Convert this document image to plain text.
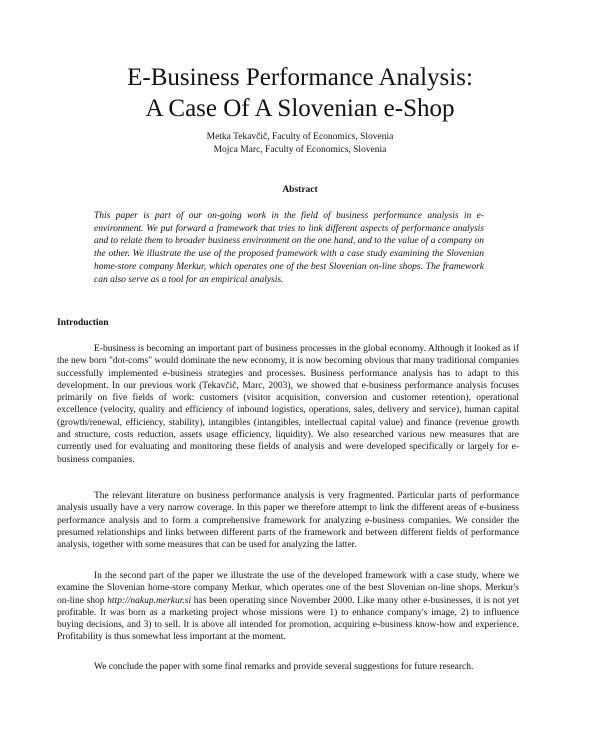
E-Business Performance Analysis:
A Case Of A Slovenian e-Shop
Metka Tekavčič, Faculty of Economics, Slovenia
Mojca Marc, Faculty of Economics, Slovenia
Abstract
This paper is part of our on-going work in the field of business performance analysis in e-environment. We put forward a framework that tries to link different aspects of performance analysis and to relate them to broader business environment on the one hand, and to the value of a company on the other. We illustrate the use of the proposed framework with a case study examining the Slovenian home-store company Merkur, which operates one of the best Slovenian on-line shops. The framework can also serve as a tool for an empirical analysis.
Introduction
E-business is becoming an important part of business processes in the global economy. Although it looked as if the new born "dot-coms" would dominate the new economy, it is now becoming obvious that many traditional companies successfully implemented e-business strategies and processes. Business performance analysis has to adapt to this development. In our previous work (Tekavčič, Marc, 2003), we showed that e-business performance analysis focuses primarily on five fields of work: customers (visitor acquisition, conversion and customer retention), operational excellence (velocity, quality and efficiency of inbound logistics, operations, sales, delivery and service), human capital (growth/renewal, efficiency, stability), intangibles (intangibles, intellectual capital value) and finance (revenue growth and structure, costs reduction, assets usage efficiency, liquidity). We also researched various new measures that are currently used for evaluating and monitoring these fields of analysis and were developed specifically or largely for e-business companies.
The relevant literature on business performance analysis is very fragmented. Particular parts of performance analysis usually have a very narrow coverage. In this paper we therefore attempt to link the different areas of e-business performance analysis and to form a comprehensive framework for analyzing e-business companies. We consider the presumed relationships and links between different parts of the framework and between different fields of performance analysis, together with some measures that can be used for analyzing the latter.
In the second part of the paper we illustrate the use of the developed framework with a case study, where we examine the Slovenian home-store company Merkur, which operates one of the best Slovenian on-line shops. Merkur's on-line shop http://nakup.merkur.si has been operating since November 2000. Like many other e-businesses, it is not yet profitable. It was born as a marketing project whose missions were 1) to enhance company's image, 2) to influence buying decisions, and 3) to sell. It is above all intended for promotion, acquiring e-business know-how and experience. Profitability is thus somewhat less important at the moment.
We conclude the paper with some final remarks and provide several suggestions for future research.
